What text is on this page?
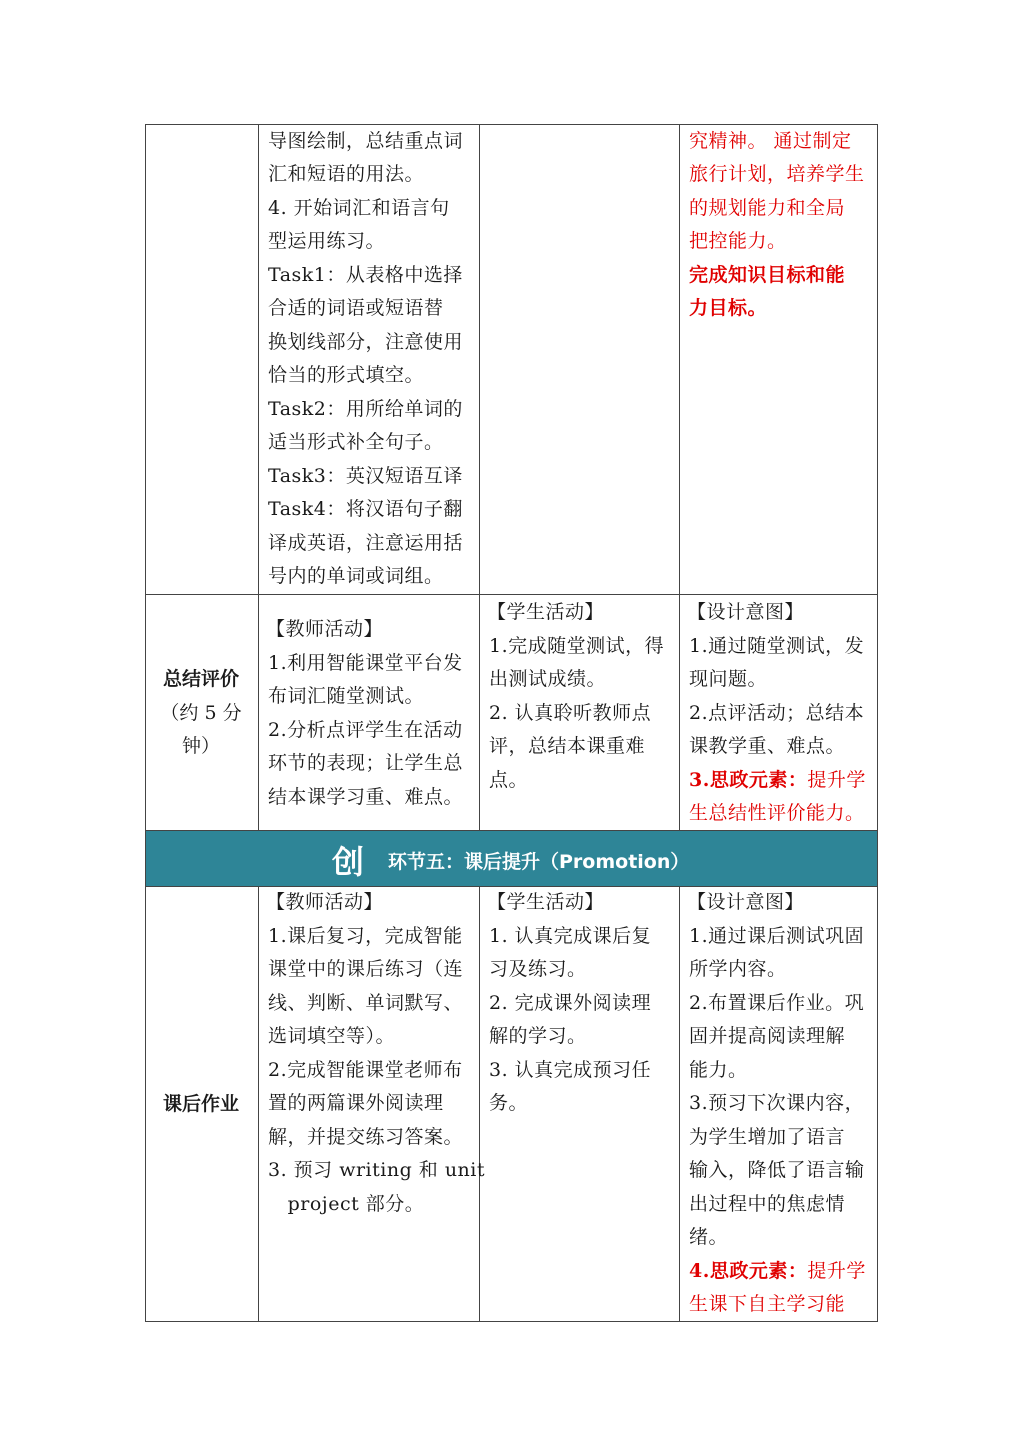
创 环节五：课后提升（Promotion）
导图绘制，总结重点词
汇和短语的用法。
4. 开始词汇和语言句
型运用练习。
Task1：从表格中选择
合适的词语或短语替
换划线部分，注意使用
恰当的形式填空。
Task2：用所给单词的
适当形式补全句子。
Task3：英汉短语互译
Task4：将汉语句子翻
译成英语，注意运用括
号内的单词或词组。
究精神。 通过制定
旅行计划，培养学生
的规划能力和全局
把控能力。
完成知识目标和能
力目标。
总结评价
（约 5 分
钟）
【教师活动】
1.利用智能课堂平台发
布词汇随堂测试。
2.分析点评学生在活动
环节的表现；让学生总
结本课学习重、难点。
【学生活动】
1.完成随堂测试，得
出测试成绩。
2. 认真聆听教师点
评，总结本课重难
点。
【设计意图】
1.通过随堂测试，发
现问题。
2.点评活动；总结本
课教学重、难点。
3.思政元素：提升学
生总结性评价能力。
课后作业
【教师活动】
1.课后复习，完成智能
课堂中的课后练习（连
线、判断、单词默写、
选词填空等）。
2.完成智能课堂老师布
置的两篇课外阅读理
解，并提交练习答案。
3. 预习 writing 和 unit
project 部分。
【学生活动】
1. 认真完成课后复
习及练习。
2. 完成课外阅读理
解的学习。
3. 认真完成预习任
务。
【设计意图】
1.通过课后测试巩固
所学内容。
2.布置课后作业。巩
固并提高阅读理解
能力。
3.预习下次课内容，
为学生增加了语言
输入，降低了语言输
出过程中的焦虑情
绪。
4.思政元素：提升学
生课下自主学习能
